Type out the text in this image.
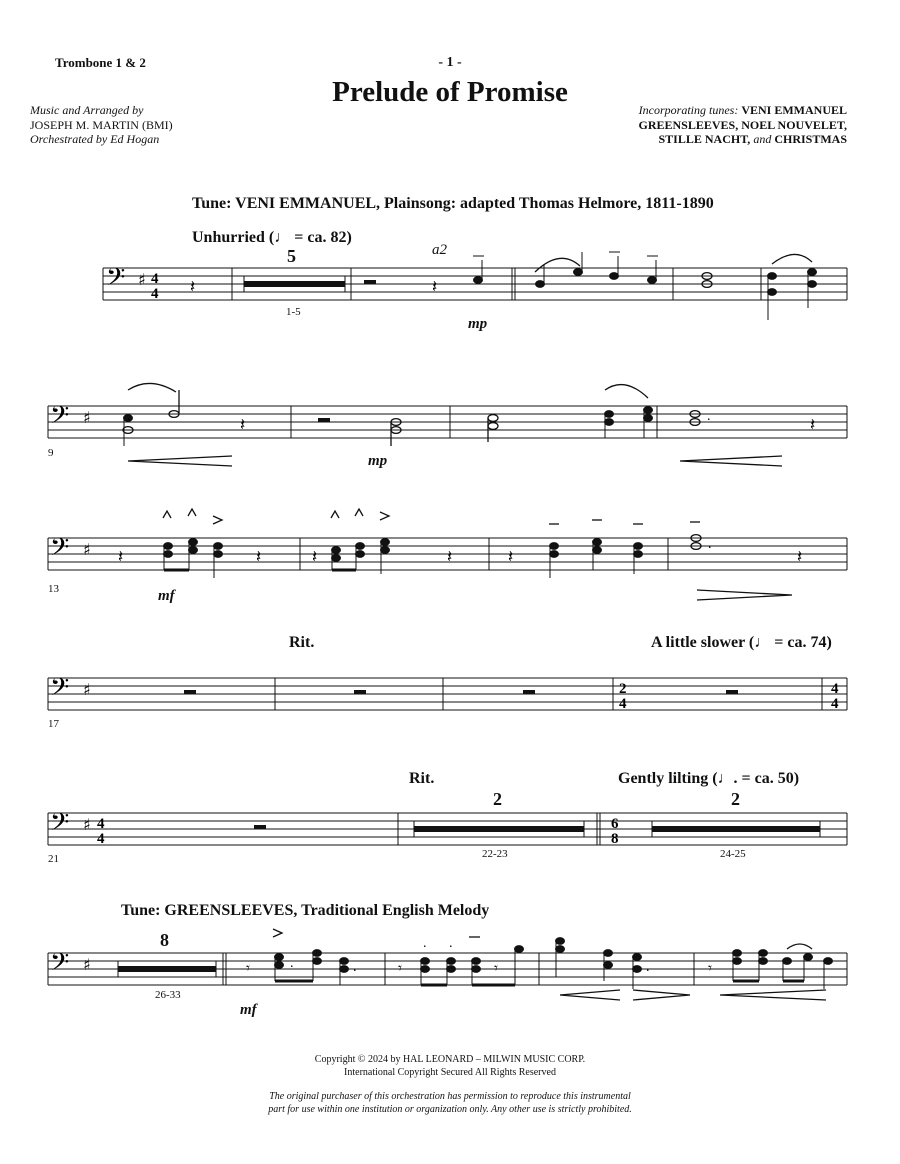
Trombone 1 & 2	- 1 -
Prelude of Promise
Music and Arranged by
JOSEPH M. MARTIN (BMI)
Orchestrated by Ed Hogan
Incorporating tunes: VENI EMMANUEL
GREENSLEEVES, NOEL NOUVELET,
STILLE NACHT, and CHRISTMAS
Tune: VENI EMMANUEL, Plainsong: adapted Thomas Helmore, 1811-1890
Unhurried (♩ = ca. 82)
a2
5
1-5
mp
𝄢 ♯ 4
4 𝄽	𝄽
9	mp
𝄢 ♯	.	.
𝄽	𝄽
13	mf
𝄢 ♯	.
𝄽	𝄽	𝄽	𝄽	𝄽	𝄽
Rit.	A little slower (♩ = ca. 74)
17
𝄢 ♯	2
4
4
4
Rit.	Gently lilting (♩. = ca. 50)
2	2
21	22-23	24-25
𝄢 ♯ 4
4
6
8
Tune: GREENSLEEVES, Traditional English Melody
8
26-33
mf
𝄢 ♯	.	.	.
. .
𝄾	𝄾	𝄾	𝄾
Copyright © 2024 by HAL LEONARD – MILWIN MUSIC CORP.
International Copyright Secured All Rights Reserved
The original purchaser of this orchestration has permission to reproduce this instrumental
part for use within one institution or organization only. Any other use is strictly prohibited.
